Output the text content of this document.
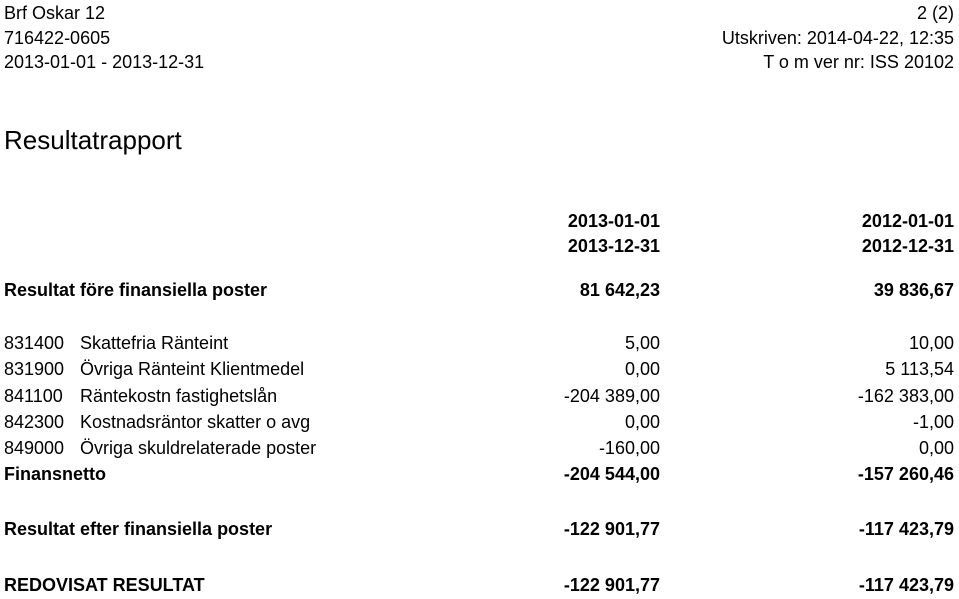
Brf Oskar 12	2 (2)
716422-0605	Utskriven: 2014-04-22, 12:35
2013-01-01 - 2013-12-31	T o m ver nr: ISS 20102
Resultatrapport
2013-01-01	2012-01-01
2013-12-31	2012-12-31
Resultat före finansiella poster	81 642,23	39 836,67
831400 Skattefria Ränteint	5,00	10,00
831900 Övriga Ränteint Klientmedel	0,00	5 113,54
841100 Räntekostn fastighetslån	-204 389,00	-162 383,00
842300 Kostnadsräntor skatter o avg	0,00	-1,00
849000 Övriga skuldrelaterade poster	-160,00	0,00
Finansnetto	-204 544,00	-157 260,46
Resultat efter finansiella poster	-122 901,77	-117 423,79
REDOVISAT RESULTAT	-122 901,77	-117 423,79
